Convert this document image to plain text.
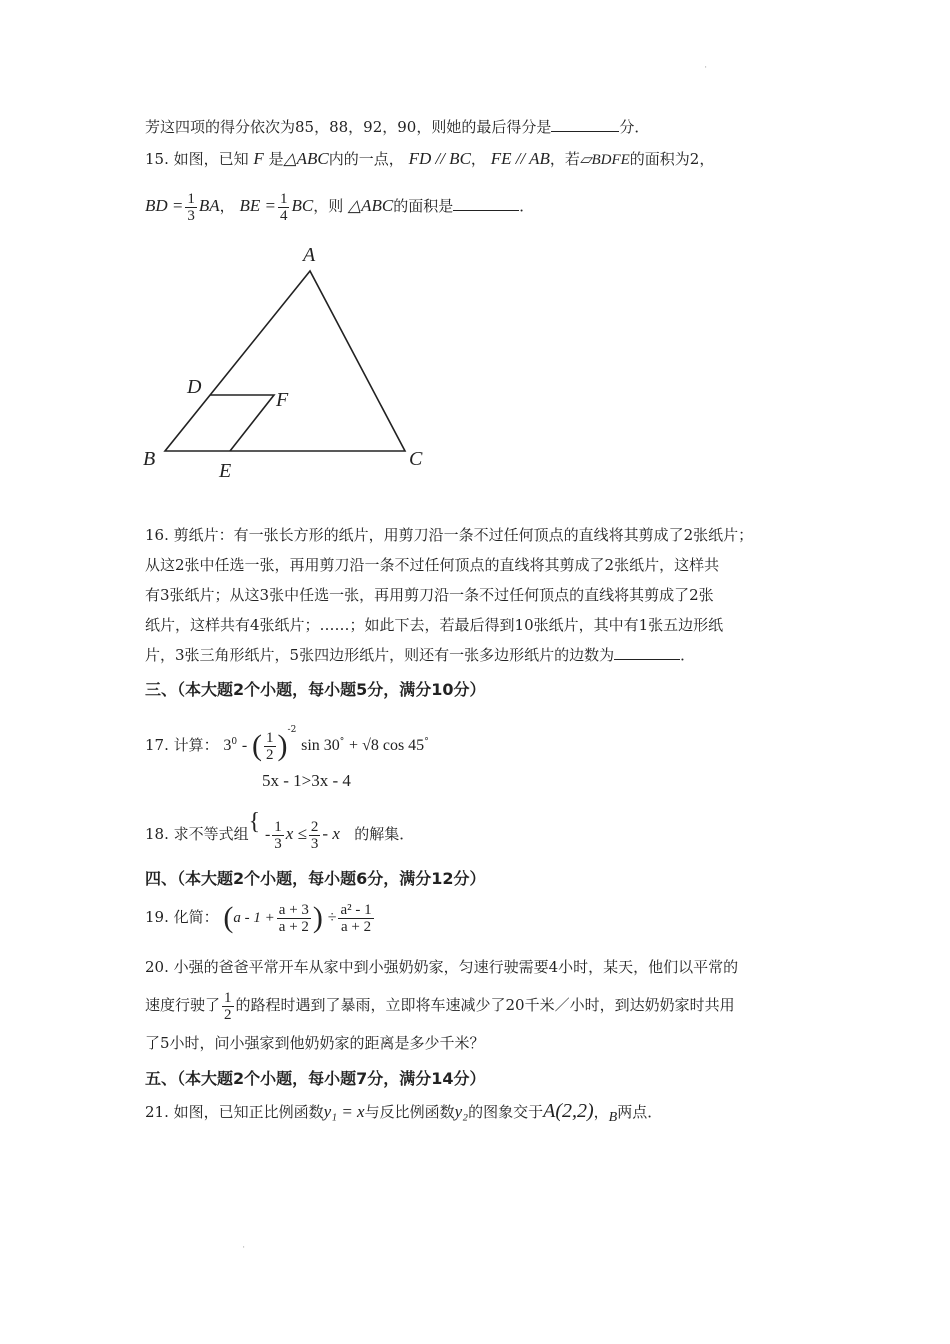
'
芳这四项的得分依次为85，88，92，90，则她的最后得分是	分．
15. 如图，已知 F 是△ABC内的一点， FD // BC， FE // AB，若▱BDFE的面积为2，
BD = $\frac{1}{3}$ BA， BE = $\frac{1}{4}$ BC，则 △ABC的面积是	．
A
D
F
B
E
C
16. 剪纸片：有一张长方形的纸片，用剪刀沿一条不过任何顶点的直线将其剪成了2张纸片；
从这2张中任选一张，再用剪刀沿一条不过任何顶点的直线将其剪成了2张纸片，这样共
有3张纸片；从这3张中任选一张，再用剪刀沿一条不过任何顶点的直线将其剪成了2张
纸片，这样共有4张纸片；……；如此下去，若最后得到10张纸片，其中有1张五边形纸
片，3张三角形纸片，5张四边形纸片，则还有一张多边形纸片的边数为	．
三、（本大题2个小题，每小题5分，满分10分）
17. 计算： $3^0$ - ( $\frac{1}{2} )^{-2}$ sin 30° + √8 cos 45°
5x - 1>3x - 4
18. 求不等式组{ - $\frac{1}{3}$ $x \le \frac{2}{3} - x$ 的解集．
四、（本大题2个小题，每小题6分，满分12分）
19. 化简： ($a - 1 + \frac{a + 3}{a + 2}$ ) ÷ $\frac{\text{a² - 1}}{a + 2}$
20. 小强的爸爸平常开车从家中到小强奶奶家，匀速行驶需要4小时，某天，他们以平常的
速度行驶了 $\frac{1}{2}$ 的路程时遇到了暴雨，立即将车速减少了20千米／小时，到达奶奶家时共用
了5小时，问小强家到他奶奶家的距离是多少千米？
五、（本大题2个小题，每小题7分，满分14分）
21. 如图，已知正比例函数y₁ = x与反比例函数y₂的图象交于A(2,2)，B两点．
'
